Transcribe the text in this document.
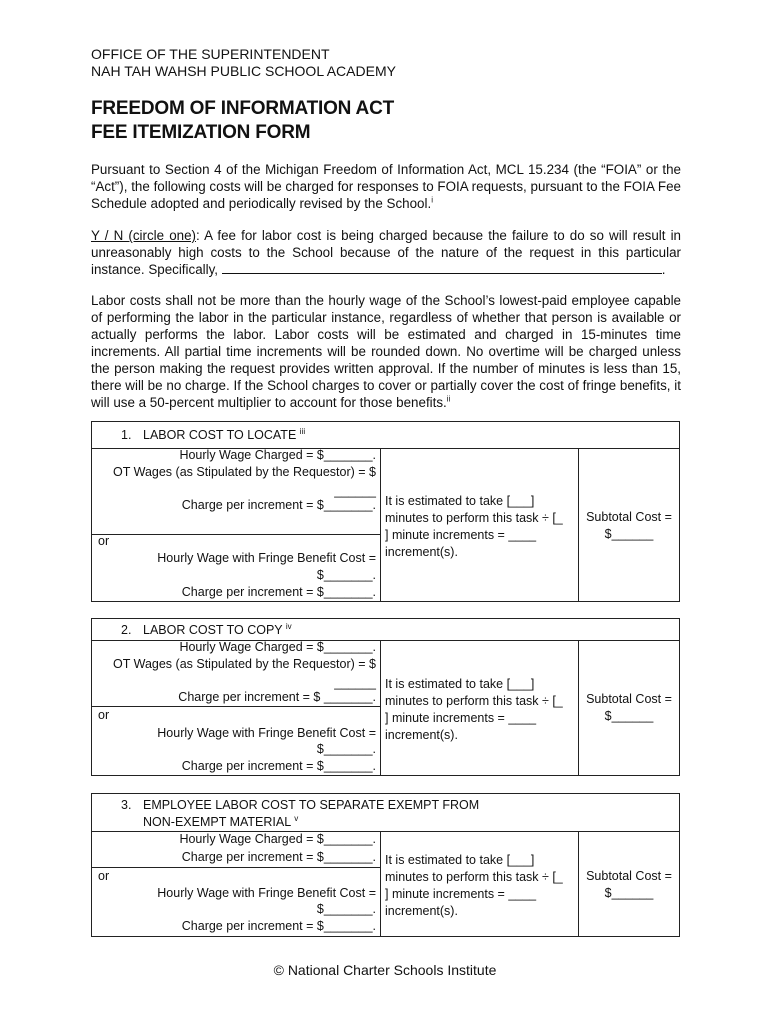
OFFICE OF THE SUPERINTENDENT
NAH TAH WAHSH PUBLIC SCHOOL ACADEMY
FREEDOM OF INFORMATION ACT
FEE ITEMIZATION FORM
Pursuant to Section 4 of the Michigan Freedom of Information Act, MCL 15.234 (the “FOIA” or the “Act”), the following costs will be charged for responses to FOIA requests, pursuant to the FOIA Fee Schedule adopted and periodically revised by the School.$^i$
Y / N (circle one): A fee for labor cost is being charged because the failure to do so will result in unreasonably high costs to the School because of the nature of the request in this particular instance. Specifically,	.
Labor costs shall not be more than the hourly wage of the School’s lowest-paid employee capable of performing the labor in the particular instance, regardless of whether that person is available or actually performs the labor. Labor costs will be estimated and charged in 15-minutes time increments. All partial time increments will be rounded down. No overtime will be charged unless the person making the request provides written approval. If the number of minutes is less than 15, there will be no charge. If the School charges to cover or partially cover the cost of fringe benefits, it will use a 50-percent multiplier to account for those benefits.$^{ii}$
1. LABOR COST TO LOCATE $^{iii}$
Hourly Wage Charged = $_______.
OT Wages (as Stipulated by the Requestor) = $
______
Charge per increment = $_______.
or
Hourly Wage with Fringe Benefit Cost =
$_______.
Charge per increment = $_______.
It is estimated to take [___]
minutes to perform this task ÷ [_
] minute increments = ____
increment(s).
Subtotal Cost =
$______
2. LABOR COST TO COPY $^{iv}$
Hourly Wage Charged = $_______.
OT Wages (as Stipulated by the Requestor) = $
______
Charge per increment = $ _______.
or
Hourly Wage with Fringe Benefit Cost =
$_______.
Charge per increment = $_______.
It is estimated to take [___]
minutes to perform this task ÷ [_
] minute increments = ____
increment(s).
Subtotal Cost =
$______
3. EMPLOYEE LABOR COST TO SEPARATE EXEMPT FROM
NON-EXEMPT MATERIAL $^v$
Hourly Wage Charged = $_______.
Charge per increment = $_______.
or
Hourly Wage with Fringe Benefit Cost =
$_______.
Charge per increment = $_______.
It is estimated to take [___]
minutes to perform this task ÷ [_
] minute increments = ____
increment(s).
Subtotal Cost =
$______
© National Charter Schools Institute
